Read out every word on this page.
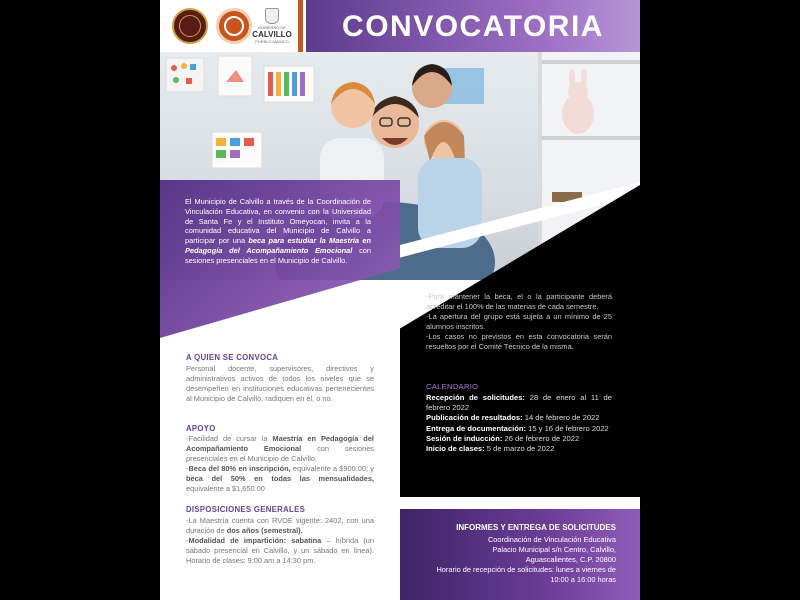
GOBIERNO DE
CALVILLO
PUEBLO MÁGICO	CONVOCATORIA
El Municipio de Calvillo a través de la Coordinación de Vinculación Educativa, en convenio con la Universidad de Santa Fe y el Instituto Omeyocan, invita a la comunidad educativa del Municipio de Calvillo a participar por una beca para estudiar la Maestría en Pedagogía del Acompañamiento Emocional con sesiones presenciales en el Municipio de Calvillo.
-Para mantener la beca, el o la participante deberá acreditar el 100% de las materias de cada semestre.
-La apertura del grupo está sujeta a un mínimo de 25 alumnos inscritos.
-Los casos no previstos en esta convocatoria serán resueltos por el Comité Técnico de la misma.
CALENDARIO
Recepción de solicitudes: 28 de enero al 11 de febrero 2022
Publicación de resultados: 14 de febrero de 2022
Entrega de documentación: 15 y 16 de febrero 2022
Sesión de inducción: 26 de febrero de 2022
Inicio de clases: 5 de marzo de 2022
A QUIEN SE CONVOCA
Personal docente, supervisores, directivos y administrativos activos de todos los niveles que se desempeñen en instituciones educativas pertenecientes al Municipio de Calvillo, radiquen en él, o no.
APOYO
-Facilidad de cursar la Maestría en Pedagogía del Acompañamiento Emocional con sesiones presenciales en el Municipio de Calvillo.
-Beca del 80% en inscripción, equivalente a $900.00; y beca del 50% en todas las mensualidades, equivalente a $1,650.00
DISPOSICIONES GENERALES
-La Maestría cuenta con RVOE vigente: 2402, con una duración de dos años (semestral).
-Modalidad de impartición: sabatina – híbrida (un sábado presencial en Calvillo, y un sábado en línea). Horario de clases: 9:00 am a 14:30 pm.
INFORMES Y ENTREGA DE SOLICITUDES
Coordinación de Vinculación Educativa
Palacio Municipal s/n Centro, Calvillo,
Aguascalientes, C.P. 20800
Horario de recepción de solicitudes: lunes a viernes de 10:00 a 16:00 horas
